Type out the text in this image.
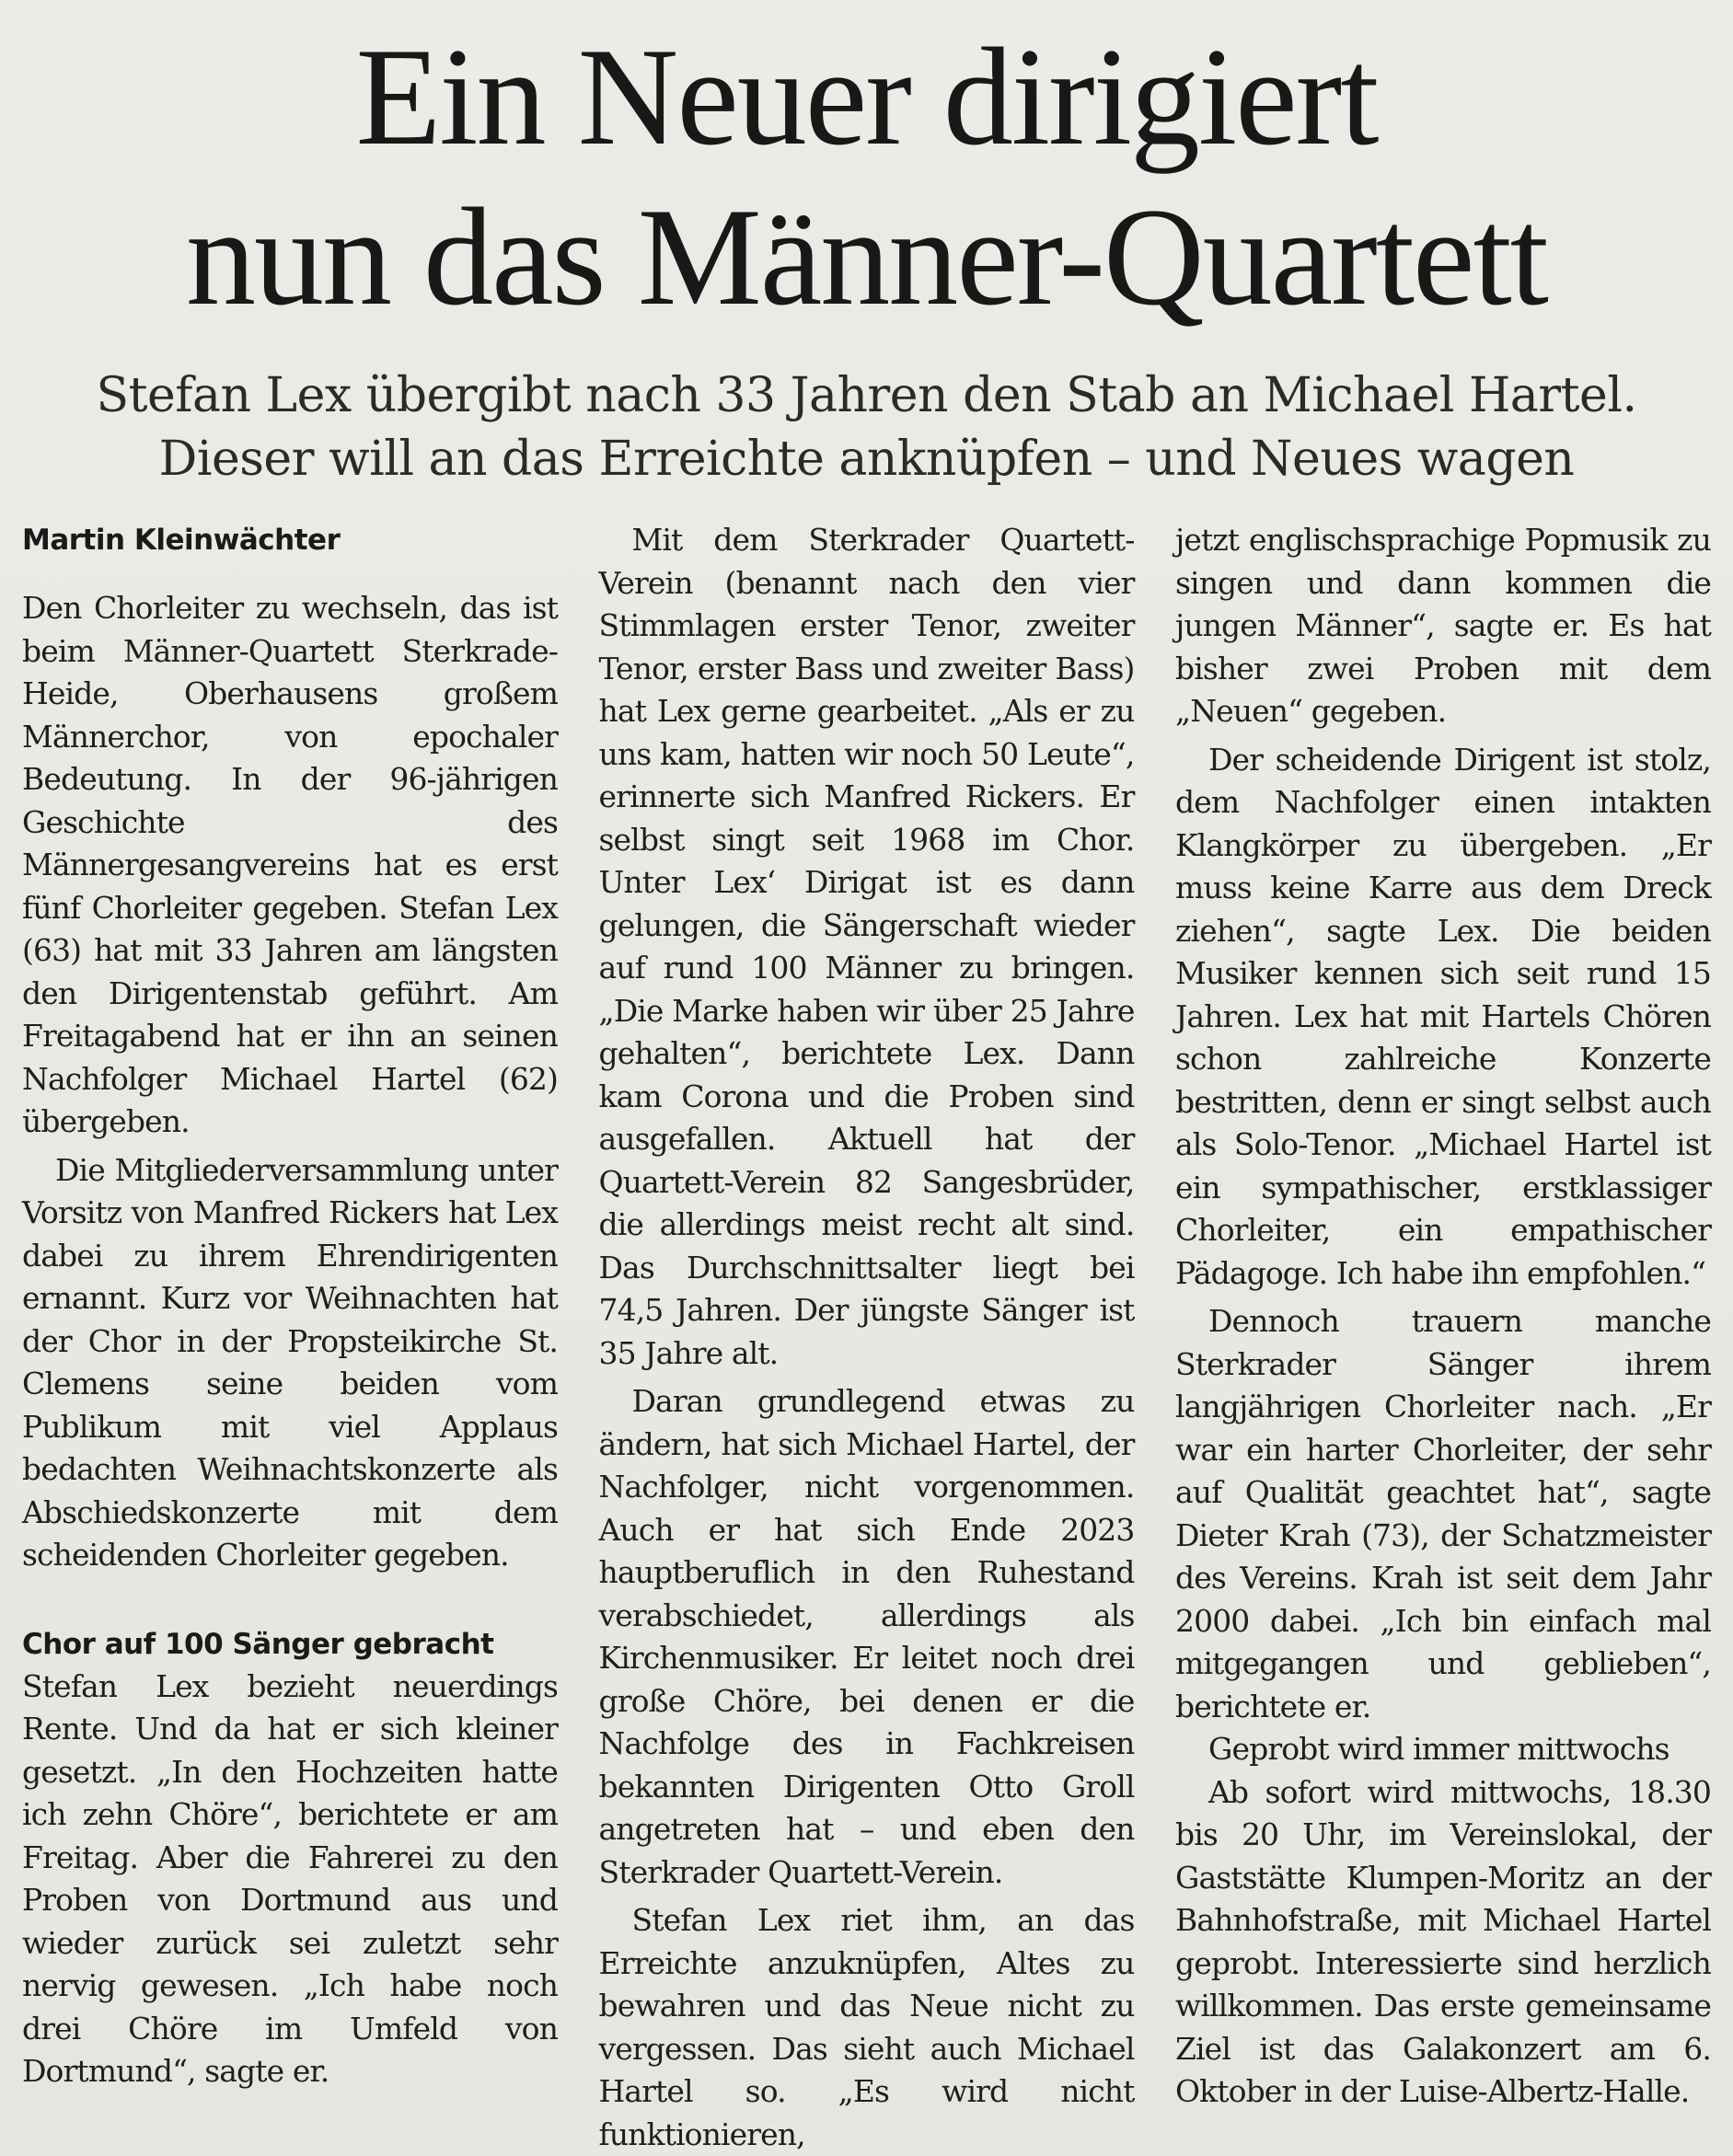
Ein Neuer dirigiert
nun das Männer-Quartett
Stefan Lex übergibt nach 33 Jahren den Stab an Michael Hartel.
Dieser will an das Erreichte anknüpfen – und Neues wagen
Martin Kleinwächter

Den Chorleiter zu wechseln, das ist beim Männer-Quartett Sterkrade-Heide, Oberhausens großem Männerchor, von epochaler Bedeutung. In der 96-jährigen Geschichte des Männergesangvereins hat es erst fünf Chorleiter gegeben. Stefan Lex (63) hat mit 33 Jahren am längsten den Dirigentenstab geführt. Am Freitagabend hat er ihn an seinen Nachfolger Michael Hartel (62) übergeben.

Die Mitgliederversammlung unter Vorsitz von Manfred Rickers hat Lex dabei zu ihrem Ehrendirigenten ernannt. Kurz vor Weihnachten hat der Chor in der Propsteikirche St. Clemens seine beiden vom Publikum mit viel Applaus bedachten Weihnachtskonzerte als Abschiedskonzerte mit dem scheidenden Chorleiter gegeben.

Chor auf 100 Sänger gebracht

Stefan Lex bezieht neuerdings Rente. Und da hat er sich kleiner gesetzt. „In den Hochzeiten hatte ich zehn Chöre“, berichtete er am Freitag. Aber die Fahrerei zu den Proben von Dortmund aus und wieder zurück sei zuletzt sehr nervig gewesen. „Ich habe noch drei Chöre im Umfeld von Dortmund“, sagte er.

Mit dem Sterkrader Quartett-Verein (benannt nach den vier Stimmlagen erster Tenor, zweiter Tenor, erster Bass und zweiter Bass) hat Lex gerne gearbeitet. „Als er zu uns kam, hatten wir noch 50 Leute“, erinnerte sich Manfred Rickers. Er selbst singt seit 1968 im Chor. Unter Lex‘ Dirigat ist es dann gelungen, die Sängerschaft wieder auf rund 100 Männer zu bringen. „Die Marke haben wir über 25 Jahre gehalten“, berichtete Lex. Dann kam Corona und die Proben sind ausgefallen. Aktuell hat der Quartett-Verein 82 Sangesbrüder, die allerdings meist recht alt sind. Das Durchschnittsalter liegt bei 74,5 Jahren. Der jüngste Sänger ist 35 Jahre alt.

Daran grundlegend etwas zu ändern, hat sich Michael Hartel, der Nachfolger, nicht vorgenommen. Auch er hat sich Ende 2023 hauptberuflich in den Ruhestand verabschiedet, allerdings als Kirchenmusiker. Er leitet noch drei große Chöre, bei denen er die Nachfolge des in Fachkreisen bekannten Dirigenten Otto Groll angetreten hat – und eben den Sterkrader Quartett-Verein.

Stefan Lex riet ihm, an das Erreichte anzuknüpfen, Altes zu bewahren und das Neue nicht zu vergessen. Das sieht auch Michael Hartel so. „Es wird nicht funktionieren,

jetzt englischsprachige Popmusik zu singen und dann kommen die jungen Männer“, sagte er. Es hat bisher zwei Proben mit dem „Neuen“ gegeben.

Der scheidende Dirigent ist stolz, dem Nachfolger einen intakten Klangkörper zu übergeben. „Er muss keine Karre aus dem Dreck ziehen“, sagte Lex. Die beiden Musiker kennen sich seit rund 15 Jahren. Lex hat mit Hartels Chören schon zahlreiche Konzerte bestritten, denn er singt selbst auch als Solo-Tenor. „Michael Hartel ist ein sympathischer, erstklassiger Chorleiter, ein empathischer Pädagoge. Ich habe ihn empfohlen.“

Dennoch trauern manche Sterkrader Sänger ihrem langjährigen Chorleiter nach. „Er war ein harter Chorleiter, der sehr auf Qualität geachtet hat“, sagte Dieter Krah (73), der Schatzmeister des Vereins. Krah ist seit dem Jahr 2000 dabei. „Ich bin einfach mal mitgegangen und geblieben“, berichtete er.

Geprobt wird immer mittwochs

Ab sofort wird mittwochs, 18.30 bis 20 Uhr, im Vereinslokal, der Gaststätte Klumpen-Moritz an der Bahnhofstraße, mit Michael Hartel geprobt. Interessierte sind herzlich willkommen. Das erste gemeinsame Ziel ist das Galakonzert am 6. Oktober in der Luise-Albertz-Halle.
